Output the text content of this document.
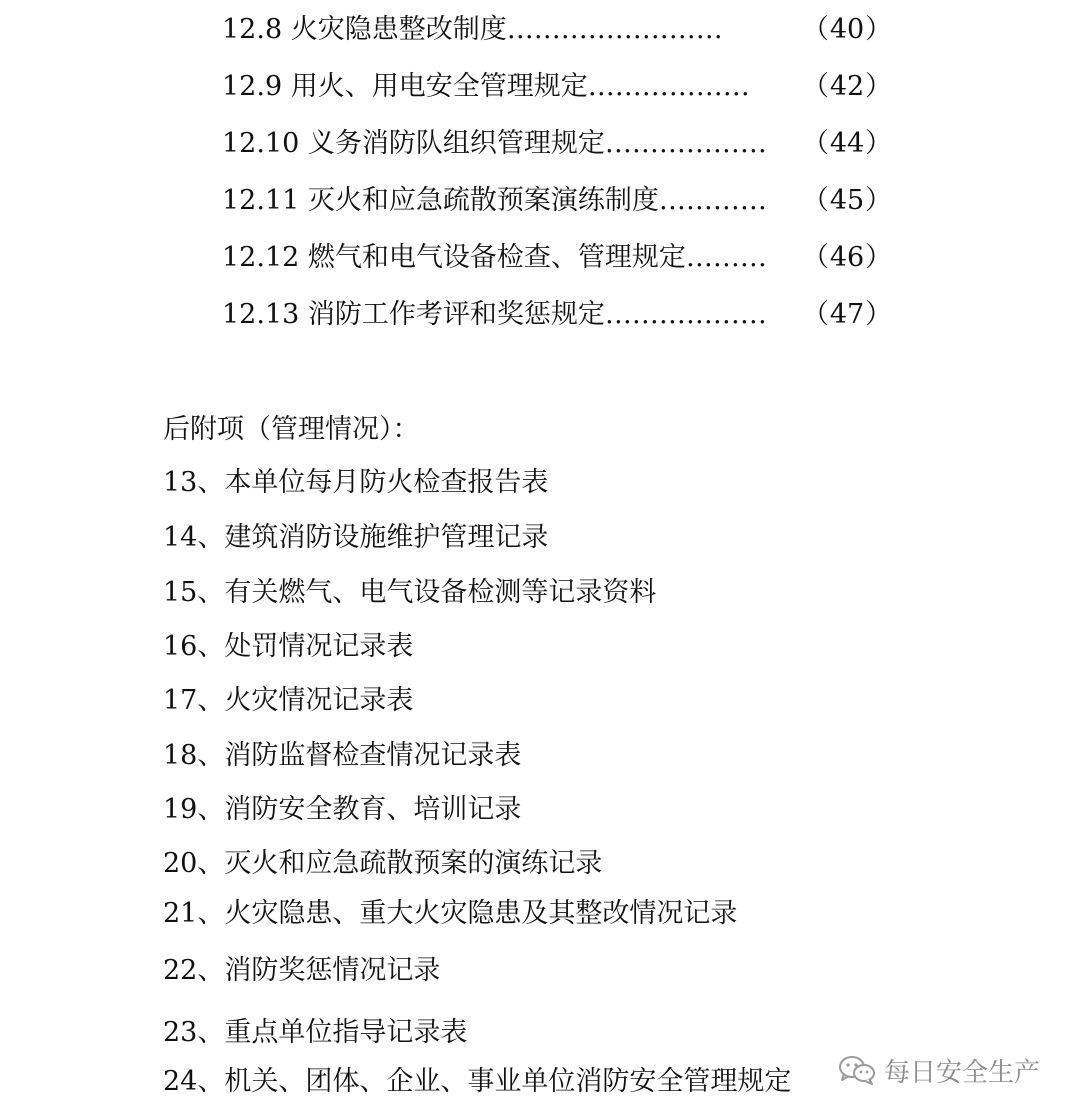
12.8 火灾隐患整改制度……………………	（ 40 ）
12.9 用火、用电安全管理规定……………… （ 42 ）
12.10 义务消防队组织管理规定……………… （ 44 ）
12.11 灭火和应急疏散预案演练制度………… （ 45 ）
12.12 燃气和电气设备检查、管理规定……… （ 46 ）
12.13 消防工作考评和奖惩规定……………… （ 47 ）
后附项（管理情况）：
13、本单位每月防火检查报告表
14、建筑消防设施维护管理记录
15、有关燃气、电气设备检测等记录资料
16、处罚情况记录表
17、火灾情况记录表
18、消防监督检查情况记录表
19、消防安全教育、培训记录
20、灭火和应急疏散预案的演练记录
21、火灾隐患、重大火灾隐患及其整改情况记录
22、消防奖惩情况记录
23、重点单位指导记录表
24、机关、团体、企业、事业单位消防安全管理规定	每日安全生产
